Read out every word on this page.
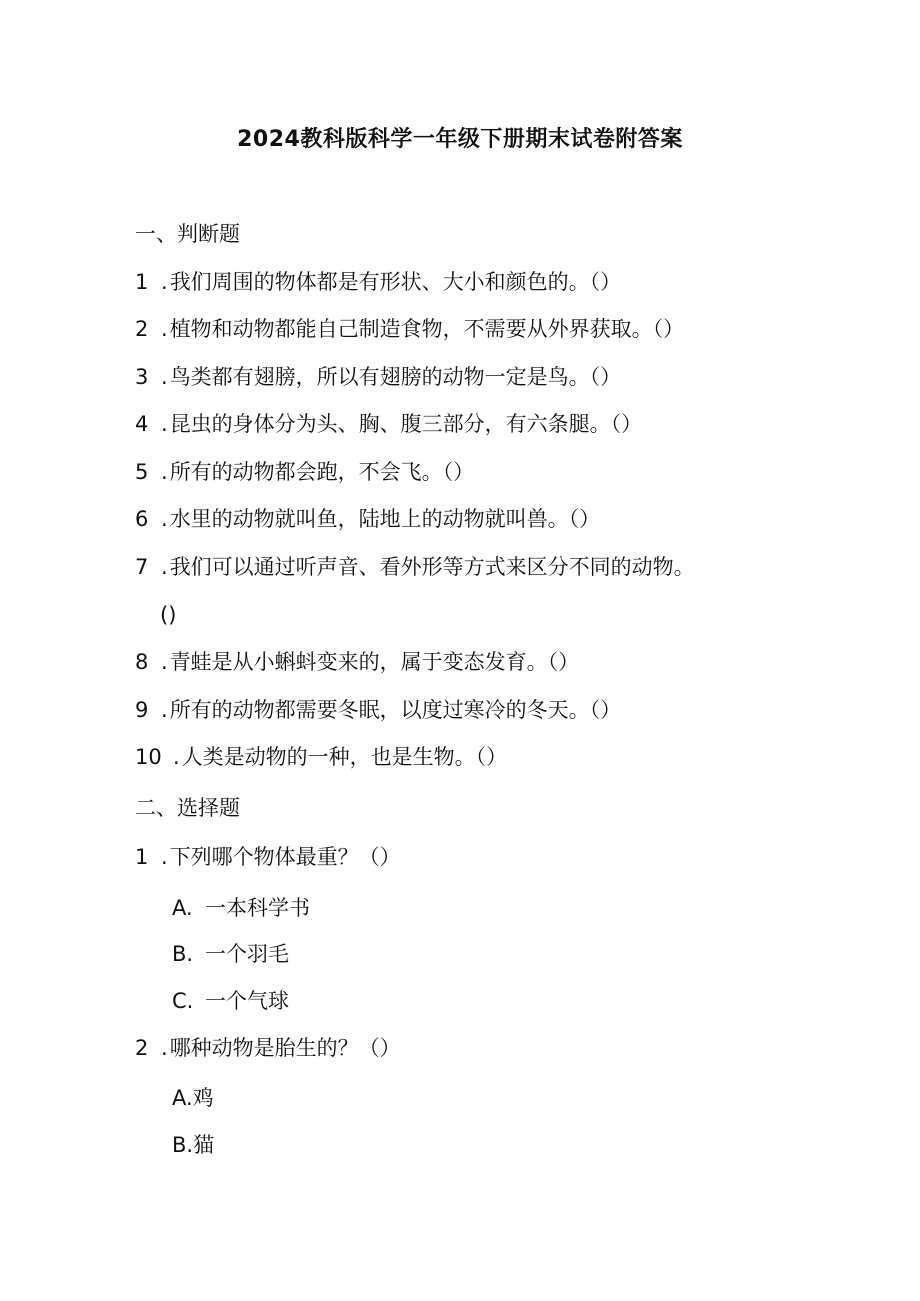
2024教科版科学一年级下册期末试卷附答案
一、判断题
1 .我们周围的物体都是有形状、大小和颜色的。（）
2 .植物和动物都能自己制造食物，不需要从外界获取。（）
3 .鸟类都有翅膀，所以有翅膀的动物一定是鸟。（）
4 .昆虫的身体分为头、胸、腹三部分，有六条腿。（）
5 .所有的动物都会跑，不会飞。（）
6 .水里的动物就叫鱼，陆地上的动物就叫兽。（）
7 .我们可以通过听声音、看外形等方式来区分不同的动物。
()
8 .青蛙是从小蝌蚪变来的，属于变态发育。（）
9 .所有的动物都需要冬眠，以度过寒冷的冬天。（）
10 .人类是动物的一种，也是生物。（）
二、选择题
1 .下列哪个物体最重？（）
A. 一本科学书
B. 一个羽毛
C. 一个气球
2 .哪种动物是胎生的？（）
A.鸡
B.猫
